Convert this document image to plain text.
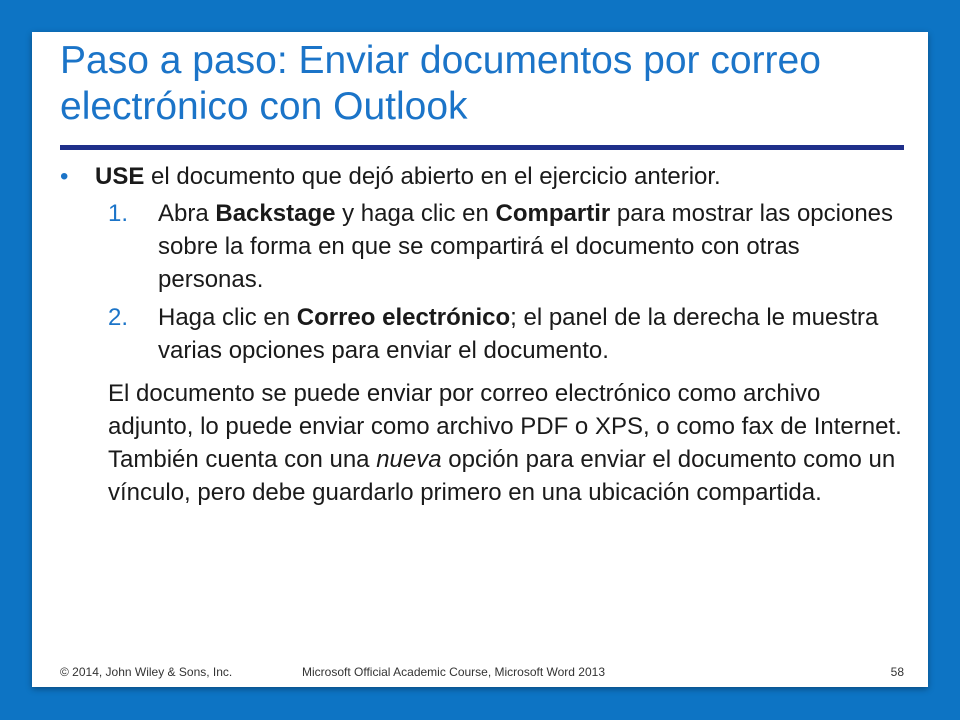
Paso a paso: Enviar documentos por correo electrónico con Outlook
• USE el documento que dejó abierto en el ejercicio anterior.
1. Abra Backstage y haga clic en Compartir para mostrar las opciones sobre la forma en que se compartirá el documento con otras personas.
2. Haga clic en Correo electrónico; el panel de la derecha le muestra varias opciones para enviar el documento.
El documento se puede enviar por correo electrónico como archivo adjunto, lo puede enviar como archivo PDF o XPS, o como fax de Internet. También cuenta con una nueva opción para enviar el documento como un vínculo, pero debe guardarlo primero en una ubicación compartida.
© 2014, John Wiley & Sons, Inc.	Microsoft Official Academic Course, Microsoft Word 2013	58
